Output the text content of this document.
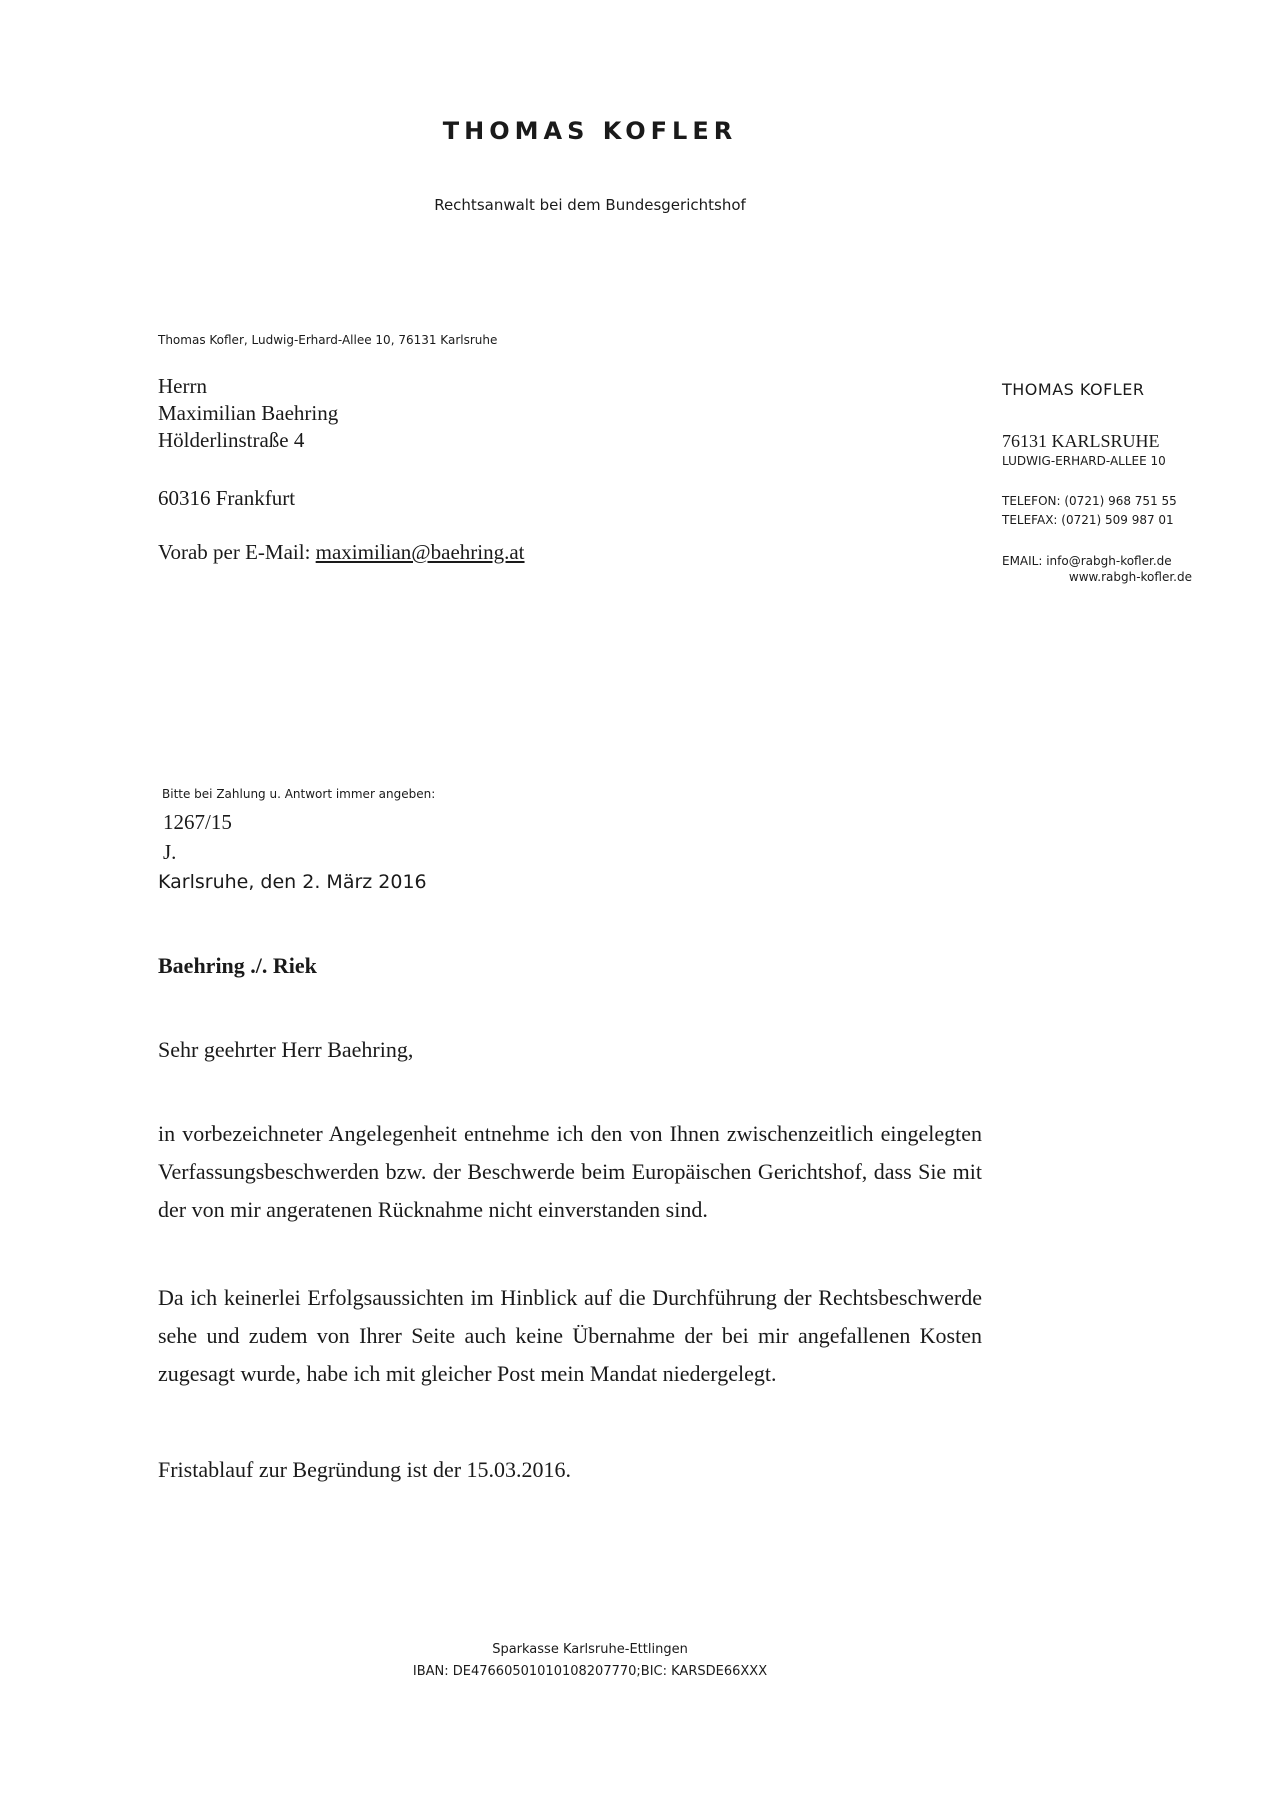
THOMAS KOFLER
Rechtsanwalt bei dem Bundesgerichtshof
Thomas Kofler, Ludwig-Erhard-Allee 10, 76131 Karlsruhe
Herrn
Maximilian Baehring
Hölderlinstraße 4
60316 Frankfurt
Vorab per E-Mail: maximilian@baehring.at
THOMAS KOFLER
76131 KARLSRUHE
LUDWIG-ERHARD-ALLEE 10
TELEFON: (0721) 968 751 55
TELEFAX: (0721) 509 987 01
EMAIL: info@rabgh-kofler.de
www.rabgh-kofler.de
Bitte bei Zahlung u. Antwort immer angeben:
1267/15
J.
Karlsruhe, den 2. März 2016
Baehring ./. Riek
Sehr geehrter Herr Baehring,

in vorbezeichneter Angelegenheit entnehme ich den von Ihnen zwischenzeitlich eingelegten Verfassungsbeschwerden bzw. der Beschwerde beim Europäischen Gerichtshof, dass Sie mit der von mir angeratenen Rücknahme nicht einverstanden sind.

Da ich keinerlei Erfolgsaussichten im Hinblick auf die Durchführung der Rechtsbeschwerde sehe und zudem von Ihrer Seite auch keine Übernahme der bei mir angefallenen Kosten zugesagt wurde, habe ich mit gleicher Post mein Mandat niedergelegt.

Fristablauf zur Begründung ist der 15.03.2016.

Sparkasse Karlsruhe-Ettlingen
IBAN: DE47660501010108207770;BIC: KARSDE66XXX
